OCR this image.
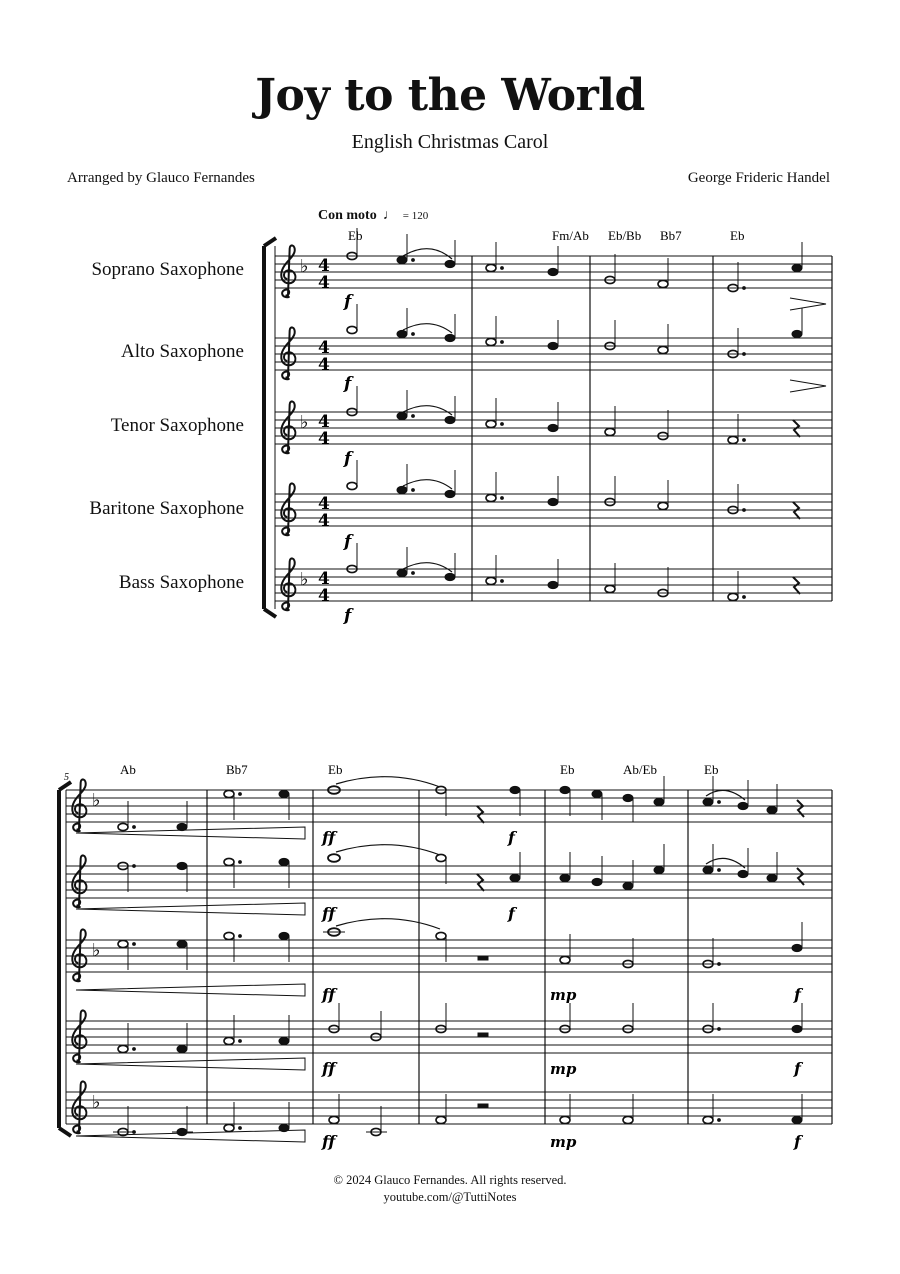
Joy to the World
English Christmas Carol
Arranged by Glauco Fernandes	George Frideric Handel
Con moto ♩ = 120
Soprano Saxophone
Alto Saxophone
Tenor Saxophone
Baritone Saxophone
Bass Saxophone
♭
♭
♭
4
4
4
4
4
4
4
4
4
4
Eb	Fm/Ab Eb/Bb Bb7	Eb
f
f
f
f
f
5
♭
♭
♭
Ab	Bb7	Eb	Eb	Ab/Eb	Eb
ff	f
ff	f
ff	mp	f
ff	mp	f
ff	mp	f
© 2024 Glauco Fernandes. All rights reserved.
youtube.com/@TuttiNotes
